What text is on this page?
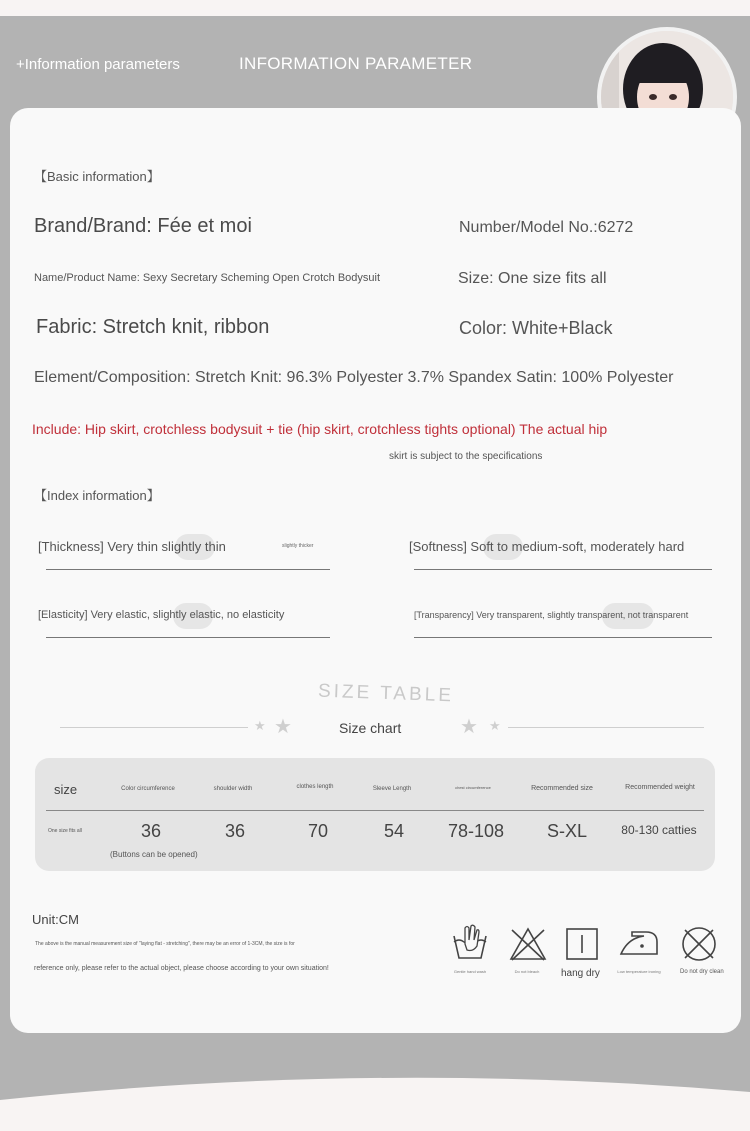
+Information parameters	INFORMATION PARAMETER
【Basic information】
Brand/Brand: Fée et moi	Number/Model No.:6272
Name/Product Name: Sexy Secretary Scheming Open Crotch Bodysuit	Size: One size fits all
Fabric: Stretch knit, ribbon	Color: White+Black
Element/Composition: Stretch Knit: 96.3% Polyester 3.7% Spandex Satin: 100% Polyester
Include: Hip skirt, crotchless bodysuit + tie (hip skirt, crotchless tights optional) The actual hip
skirt is subject to the specifications
【Index information】
[Thickness] Very thin slightly thin	slightly thicker	[Softness] Soft to medium-soft, moderately hard
[Elasticity] Very elastic, slightly elastic, no elasticity	[Transparency] Very transparent, slightly transparent, not transparent
SIZE TABLE
★ ★	Size chart	★ ★
size	Color circumference	shoulder width	clothes length	Sleeve Length	chest circumference	Recommended size	Recommended weight
One size fits all	36	36	70	54	78-108	S-XL	80-130 catties
(Buttons can be opened)
Unit:CM
The above is the manual measurement size of "laying flat - stretching", there may be an error of 1-3CM, the size is for
reference only, please refer to the actual object, please choose according to your own situation!	Gentle hand wash	Do not bleach	hang dry	Low temperature ironing	Do not dry clean
